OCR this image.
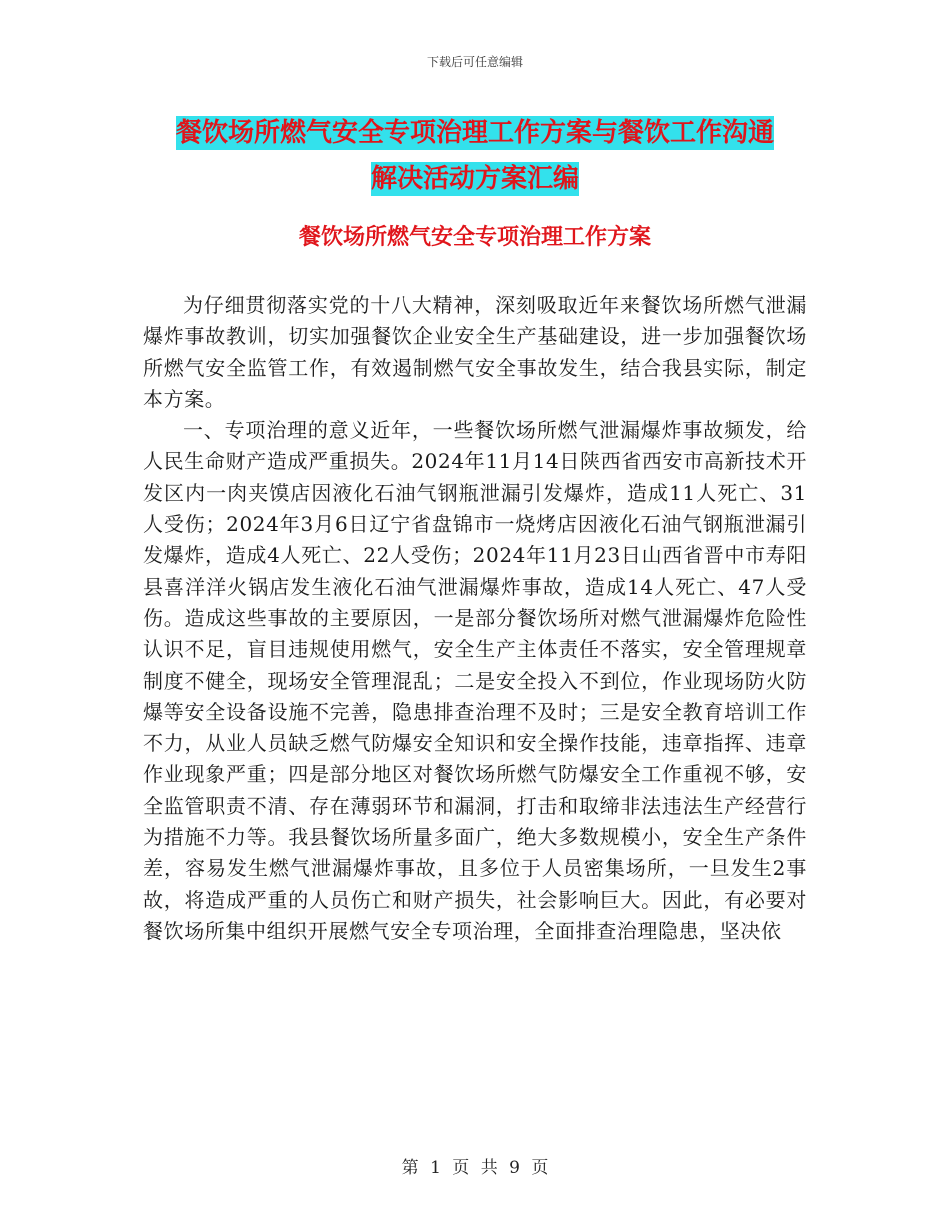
下载后可任意编辑
餐饮场所燃气安全专项治理工作方案与餐饮工作沟通
解决活动方案汇编
餐饮场所燃气安全专项治理工作方案

为仔细贯彻落实党的十八大精神，深刻吸取近年来餐饮场所燃气泄漏爆炸事故教训，切实加强餐饮企业安全生产基础建设，进一步加强餐饮场所燃气安全监管工作，有效遏制燃气安全事故发生，结合我县实际，制定本方案。

一、专项治理的意义近年，一些餐饮场所燃气泄漏爆炸事故频发，给人民生命财产造成严重损失。2024年11月14日陕西省西安市高新技术开发区内一肉夹馍店因液化石油气钢瓶泄漏引发爆炸，造成11人死亡、31人受伤；2024年3月6日辽宁省盘锦市一烧烤店因液化石油气钢瓶泄漏引发爆炸，造成4人死亡、22人受伤；2024年11月23日山西省晋中市寿阳县喜洋洋火锅店发生液化石油气泄漏爆炸事故，造成14人死亡、47人受伤。造成这些事故的主要原因，一是部分餐饮场所对燃气泄漏爆炸危险性认识不足，盲目违规使用燃气，安全生产主体责任不落实，安全管理规章制度不健全，现场安全管理混乱；二是安全投入不到位，作业现场防火防爆等安全设备设施不完善，隐患排查治理不及时；三是安全教育培训工作不力，从业人员缺乏燃气防爆安全知识和安全操作技能，违章指挥、违章作业现象严重；四是部分地区对餐饮场所燃气防爆安全工作重视不够，安全监管职责不清、存在薄弱环节和漏洞，打击和取缔非法违法生产经营行为措施不力等。我县餐饮场所量多面广，绝大多数规模小，安全生产条件差，容易发生燃气泄漏爆炸事故，且多位于人员密集场所，一旦发生2事故，将造成严重的人员伤亡和财产损失，社会影响巨大。因此，有必要对餐饮场所集中组织开展燃气安全专项治理，全面排查治理隐患，坚决依

第 1 页 共 9 页
